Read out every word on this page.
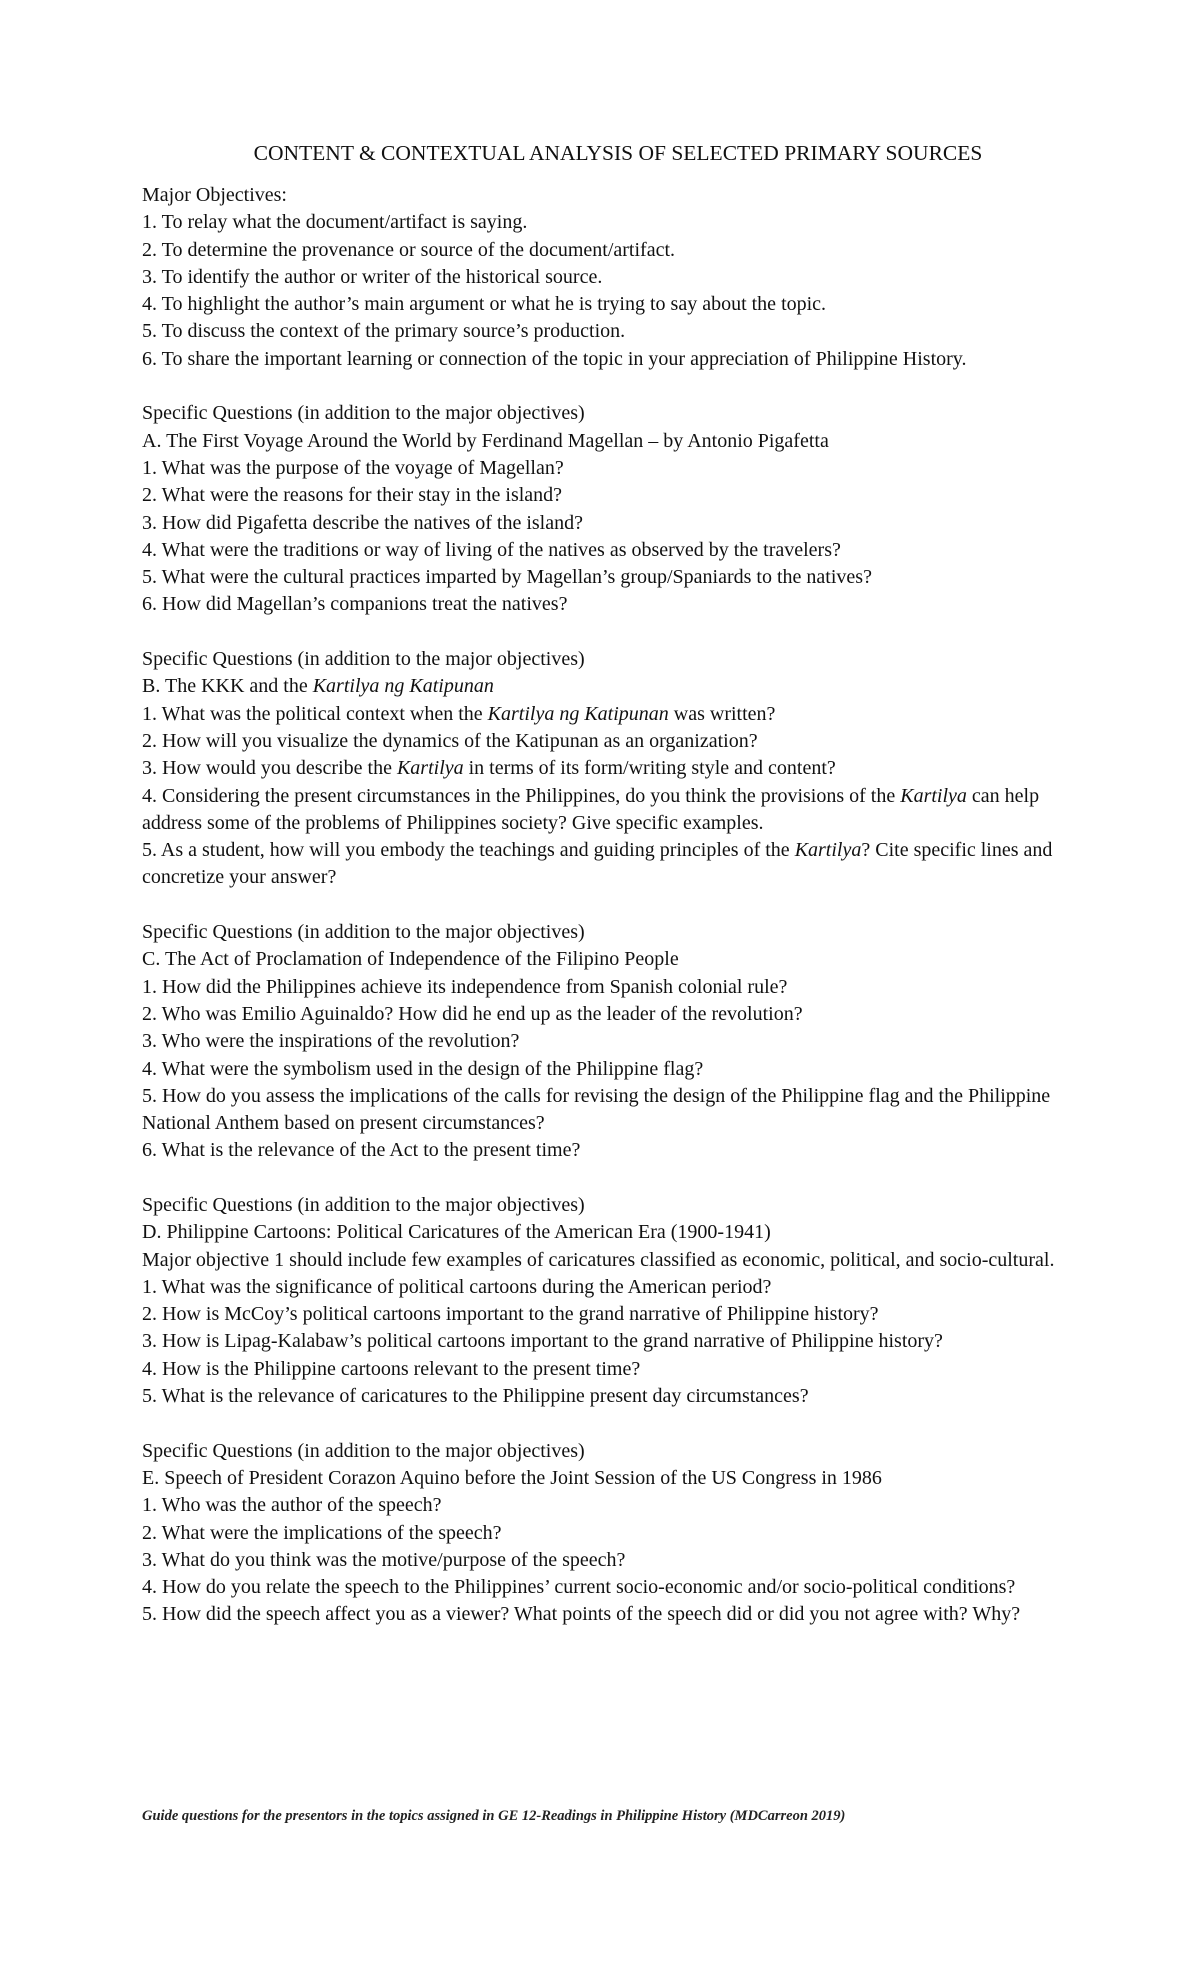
CONTENT & CONTEXTUAL ANALYSIS OF SELECTED PRIMARY SOURCES

Major Objectives:

1. To relay what the document/artifact is saying.

2. To determine the provenance or source of the document/artifact.

3. To identify the author or writer of the historical source.

4. To highlight the author’s main argument or what he is trying to say about the topic.

5. To discuss the context of the primary source’s production.

6. To share the important learning or connection of the topic in your appreciation of Philippine History.

Specific Questions (in addition to the major objectives)

A. The First Voyage Around the World by Ferdinand Magellan – by Antonio Pigafetta

1. What was the purpose of the voyage of Magellan?

2. What were the reasons for their stay in the island?

3. How did Pigafetta describe the natives of the island?

4. What were the traditions or way of living of the natives as observed by the travelers?

5. What were the cultural practices imparted by Magellan’s group/Spaniards to the natives?

6. How did Magellan’s companions treat the natives?

Specific Questions (in addition to the major objectives)

B. The KKK and the Kartilya ng Katipunan

1. What was the political context when the Kartilya ng Katipunan was written?

2. How will you visualize the dynamics of the Katipunan as an organization?

3. How would you describe the Kartilya in terms of its form/writing style and content?

4. Considering the present circumstances in the Philippines, do you think the provisions of the Kartilya can help address some of the problems of Philippines society? Give specific examples.

5. As a student, how will you embody the teachings and guiding principles of the Kartilya? Cite specific lines and concretize your answer?

Specific Questions (in addition to the major objectives)

C. The Act of Proclamation of Independence of the Filipino People

1. How did the Philippines achieve its independence from Spanish colonial rule?

2. Who was Emilio Aguinaldo? How did he end up as the leader of the revolution?

3. Who were the inspirations of the revolution?

4. What were the symbolism used in the design of the Philippine flag?

5. How do you assess the implications of the calls for revising the design of the Philippine flag and the Philippine National Anthem based on present circumstances?

6. What is the relevance of the Act to the present time?

Specific Questions (in addition to the major objectives)

D. Philippine Cartoons: Political Caricatures of the American Era (1900-1941)

Major objective 1 should include few examples of caricatures classified as economic, political, and socio-cultural.

1. What was the significance of political cartoons during the American period?

2. How is McCoy’s political cartoons important to the grand narrative of Philippine history?

3. How is Lipag-Kalabaw’s political cartoons important to the grand narrative of Philippine history?

4. How is the Philippine cartoons relevant to the present time?

5. What is the relevance of caricatures to the Philippine present day circumstances?

Specific Questions (in addition to the major objectives)

E. Speech of President Corazon Aquino before the Joint Session of the US Congress in 1986

1. Who was the author of the speech?

2. What were the implications of the speech?

3. What do you think was the motive/purpose of the speech?

4. How do you relate the speech to the Philippines’ current socio-economic and/or socio-political conditions?

5. How did the speech affect you as a viewer? What points of the speech did or did you not agree with? Why?

Guide questions for the presentors in the topics assigned in GE 12-Readings in Philippine History (MDCarreon 2019)
